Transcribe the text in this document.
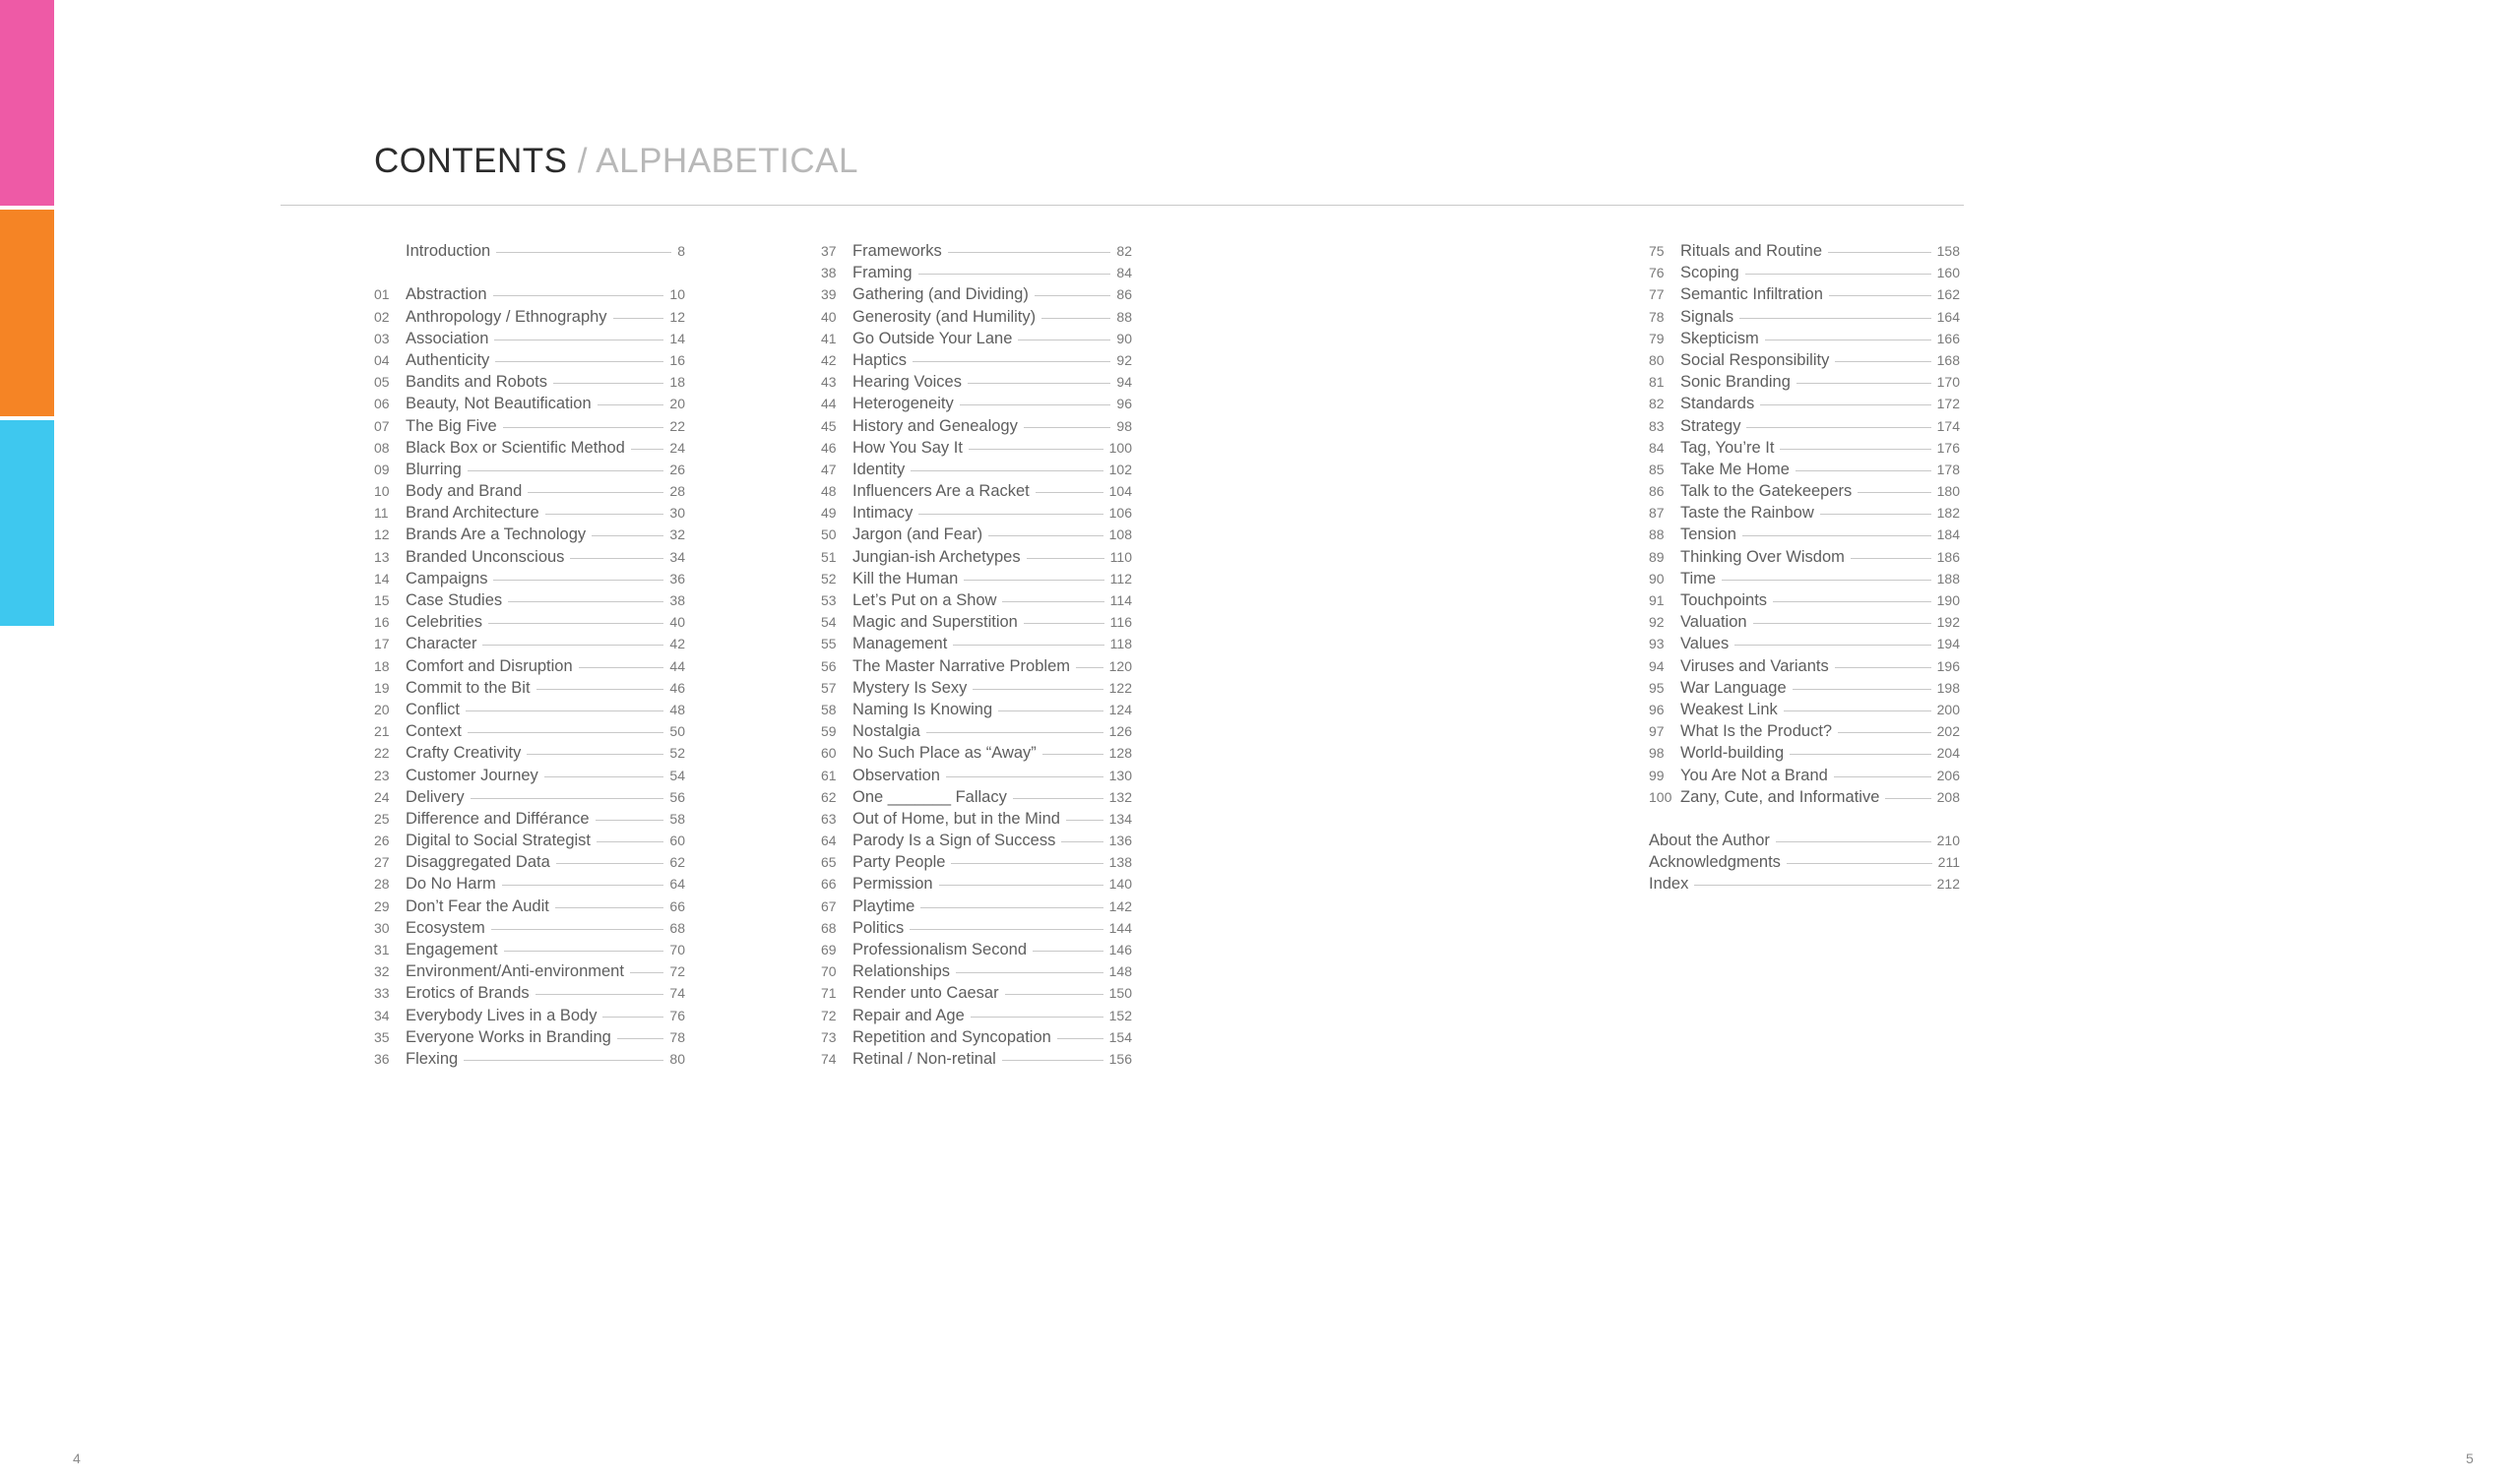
CONTENTS / ALPHABETICAL
Introduction	8
01 Abstraction	10
02 Anthropology / Ethnography	12
03 Association	14
04 Authenticity	16
05 Bandits and Robots	18
06 Beauty, Not Beautification	20
07 The Big Five	22
08 Black Box or Scientific Method	24
09 Blurring	26
10 Body and Brand	28
11	Brand Architecture	30
12 Brands Are a Technology	32
13 Branded Unconscious	34
14 Campaigns	36
15 Case Studies	38
16 Celebrities	40
17 Character	42
18 Comfort and Disruption	44
19 Commit to the Bit	46
20 Conflict	48
21 Context	50
22 Crafty Creativity	52
23 Customer Journey	54
24 Delivery	56
25 Difference and Différance	58
26 Digital to Social Strategist	60
27 Disaggregated Data	62
28 Do No Harm	64
29 Don’t Fear the Audit	66
30 Ecosystem	68
31 Engagement	70
32 Environment/Anti-environment	72
33 Erotics of Brands	74
34 Everybody Lives in a Body	76
35 Everyone Works in Branding	78
36 Flexing	80
37 Frameworks	82
38 Framing	84
39 Gathering (and Dividing)	86
40 Generosity (and Humility)	88
41 Go Outside Your Lane	90
42 Haptics	92
43 Hearing Voices	94
44 Heterogeneity	96
45 History and Genealogy	98
46 How You Say It	100
47 Identity	102
48 Influencers Are a Racket	104
49 Intimacy	106
50 Jargon (and Fear)	108
51 Jungian-ish Archetypes	110
52 Kill the Human	112
53 Let’s Put on a Show	114
54 Magic and Superstition	116
55 Management	118
56 The Master Narrative Problem	120
57 Mystery Is Sexy	122
58 Naming Is Knowing	124
59 Nostalgia	126
60 No Such Place as “Away”	128
61 Observation	130
62 One _______ Fallacy	132
63 Out of Home, but in the Mind	134
64 Parody Is a Sign of Success	136
65 Party People	138
66 Permission	140
67 Playtime	142
68 Politics	144
69 Professionalism Second	146
70 Relationships	148
71 Render unto Caesar	150
72 Repair and Age	152
73 Repetition and Syncopation	154
74 Retinal / Non-retinal	156
75 Rituals and Routine	158
76 Scoping	160
77 Semantic Infiltration	162
78 Signals	164
79 Skepticism	166
80 Social Responsibility	168
81 Sonic Branding	170
82 Standards	172
83 Strategy	174
84 Tag, You’re It	176
85 Take Me Home	178
86 Talk to the Gatekeepers	180
87 Taste the Rainbow	182
88 Tension	184
89 Thinking Over Wisdom	186
90 Time	188
91 Touchpoints	190
92 Valuation	192
93 Values	194
94 Viruses and Variants	196
95 War Language	198
96 Weakest Link	200
97 What Is the Product?	202
98 World-building	204
99 You Are Not a Brand	206
100 Zany, Cute, and Informative	208
About the Author	210
Acknowledgments	211
Index	212
4	5
